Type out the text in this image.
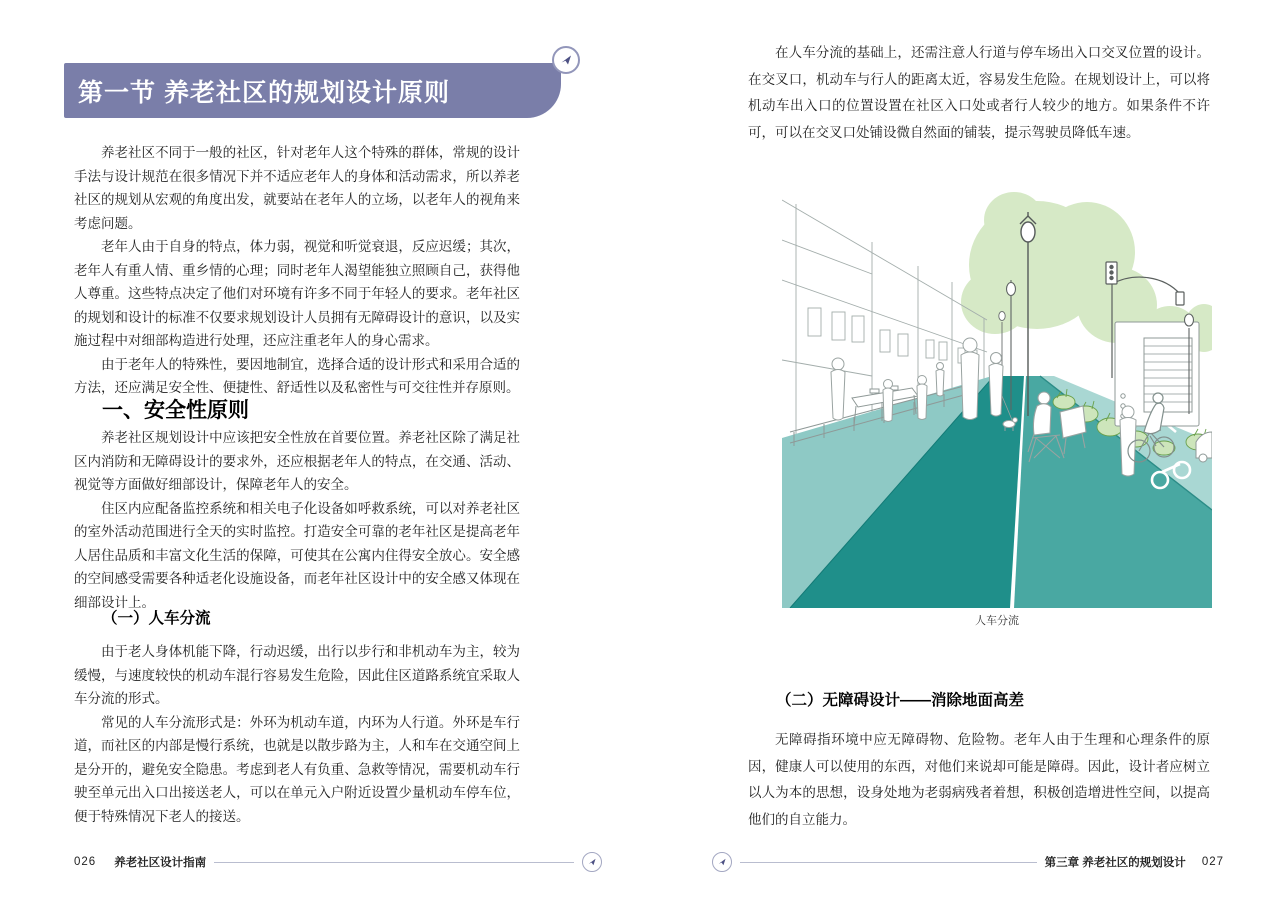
第一节 养老社区的规划设计原则

养老社区不同于一般的社区，针对老年人这个特殊的群体，常规的设计手法与设计规范在很多情况下并不适应老年人的身体和活动需求，所以养老社区的规划从宏观的角度出发，就要站在老年人的立场，以老年人的视角来考虑问题。

老年人由于自身的特点，体力弱，视觉和听觉衰退，反应迟缓；其次，老年人有重人情、重乡情的心理；同时老年人渴望能独立照顾自己，获得他人尊重。这些特点决定了他们对环境有许多不同于年轻人的要求。老年社区的规划和设计的标准不仅要求规划设计人员拥有无障碍设计的意识，以及实施过程中对细部构造进行处理，还应注重老年人的身心需求。

由于老年人的特殊性，要因地制宜，选择合适的设计形式和采用合适的方法，还应满足安全性、便捷性、舒适性以及私密性与可交往性并存原则。

一、安全性原则

养老社区规划设计中应该把安全性放在首要位置。养老社区除了满足社区内消防和无障碍设计的要求外，还应根据老年人的特点，在交通、活动、视觉等方面做好细部设计，保障老年人的安全。

住区内应配备监控系统和相关电子化设备如呼救系统，可以对养老社区的室外活动范围进行全天的实时监控。打造安全可靠的老年社区是提高老年人居住品质和丰富文化生活的保障，可使其在公寓内住得安全放心。安全感的空间感受需要各种适老化设施设备，而老年社区设计中的安全感又体现在细部设计上。

（一）人车分流

由于老人身体机能下降，行动迟缓，出行以步行和非机动车为主，较为缓慢，与速度较快的机动车混行容易发生危险，因此住区道路系统宜采取人车分流的形式。

常见的人车分流形式是：外环为机动车道，内环为人行道。外环是车行道，而社区的内部是慢行系统，也就是以散步路为主，人和车在交通空间上是分开的，避免安全隐患。考虑到老人有负重、急救等情况，需要机动车行驶至单元出入口出接送老人，可以在单元入户附近设置少量机动车停车位，便于特殊情况下老人的接送。

026 养老社区设计指南

在人车分流的基础上，还需注意人行道与停车场出入口交叉位置的设计。在交叉口，机动车与行人的距离太近，容易发生危险。在规划设计上，可以将机动车出入口的位置设置在社区入口处或者行人较少的地方。如果条件不许可，可以在交叉口处铺设微自然面的铺装，提示驾驶员降低车速。

人车分流
（二）无障碍设计——消除地面高差

无障碍指环境中应无障碍物、危险物。老年人由于生理和心理条件的原因，健康人可以使用的东西，对他们来说却可能是障碍。因此，设计者应树立以人为本的思想，设身处地为老弱病残者着想，积极创造增进性空间，以提高他们的自立能力。

第三章 养老社区的规划设计 027
